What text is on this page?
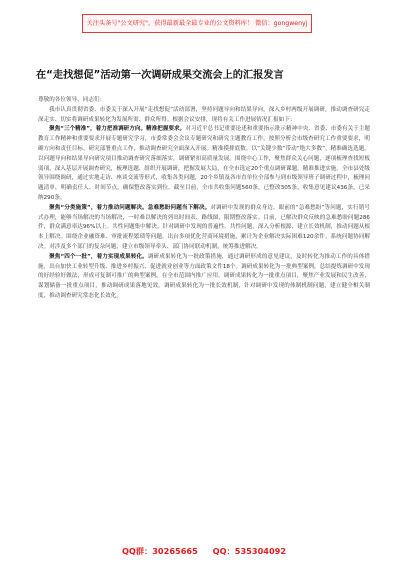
关注头条号"公文研究"，获得最新最全最专业的公文资料库！ 微信：gongwenyj
在“走找想促”活动第一次调研成果交流会上的汇报发言

尊敬的各位领导、同志们：

我市认真贯彻省委、市委关于深入开展“走找想促”活动部署，坚持问题导向和结果导向，深入乡村两级开展调研，推动调查研究走深走实、切实将调研成果转化为发展所需、群众所得。根据会议安排，现将有关工作进展情况汇报如下：

聚焦“三个精准”，着力把准调研方向。精准把握要求。对习近平总书记重要论述和重要指示批示精神中央、省委、市委有关于主题教育工作精神和重要要求开展专题研究学习，市委常委会会议专题研究和研究主题教育工作，按照分析会市级查研究工作重要要求，明确方向和责任目标。研究部署重点工作，推动调查研究全面深入开展。精准摸排底数。以“关键少数”带动“绝大多数”，精准确选选题。以问题导向和结果导向研究项目推动调查研究落细落实，调研紧扣高质量发展。围绕中心工作，聚焦群众关心问题，逐项梳理查找短板弱项，深入基层开展调查研究，梳理选题、组织开展调研，把握发展大局，在全市选定20个重点调研课题。精准推进实施。全市县处级领导围绕调研，通过实地走访、座谈交流等形式，收集各类问题，20个乡镇及各市直单位全部参与到市级领导班子调研过程中，梳理问题清单，明确责任人、时间节点，确保整改落实到位。截至目前，全市共收集问题560条，已整改305条，收集意见建议436条，已采纳290条。

聚焦“分类施策”，着力推动问题解决。急难愁盼问题当下解决。对调研中发现的群众身边、眼前的“急难愁盼”等问题，实行销号式办理，能够当场解决的当场解决，一时难以解决的列出时间表、路线图，限期整改落实。目前，已解决群众反映的急难愁盼问题286件，群众满意率达96%以上。共性问题集中解决。针对调研中发现的普遍性、共性问题，深入分析根源，建立长效机制，推动问题从根本上解决。围绕企业融资难、审批流程繁琐等问题，出台多项优化营商环境措施，累计为企业解决实际困难120余件。系统问题协同解决。对涉及多个部门的复杂问题，建立市级领导牵头、部门协同联动机制，统筹推进解决。

聚焦“四个一批”，着力实现成果转化。调研成果转化为一批政策措施，通过调研形成的意见建议，及时转化为推动工作的具体措施，出台加快工业转型升级、推进乡村振兴、促进就业创业等方面政策文件18个。调研成果转化为一批典型案例，总结提炼调研中发现的好经验好做法，形成可复制可推广的典型案例，在全市范围内推广应用。调研成果转化为一批重点项目，聚焦产业发展和民生改善，谋划储备一批重点项目，推动调研成果落地见效。调研成果转化为一批长效机制，针对调研中发现的体制机制问题，建立健全相关制度，推动调查研究常态化长效化。

QQ群：30265665 QQ：535304092
